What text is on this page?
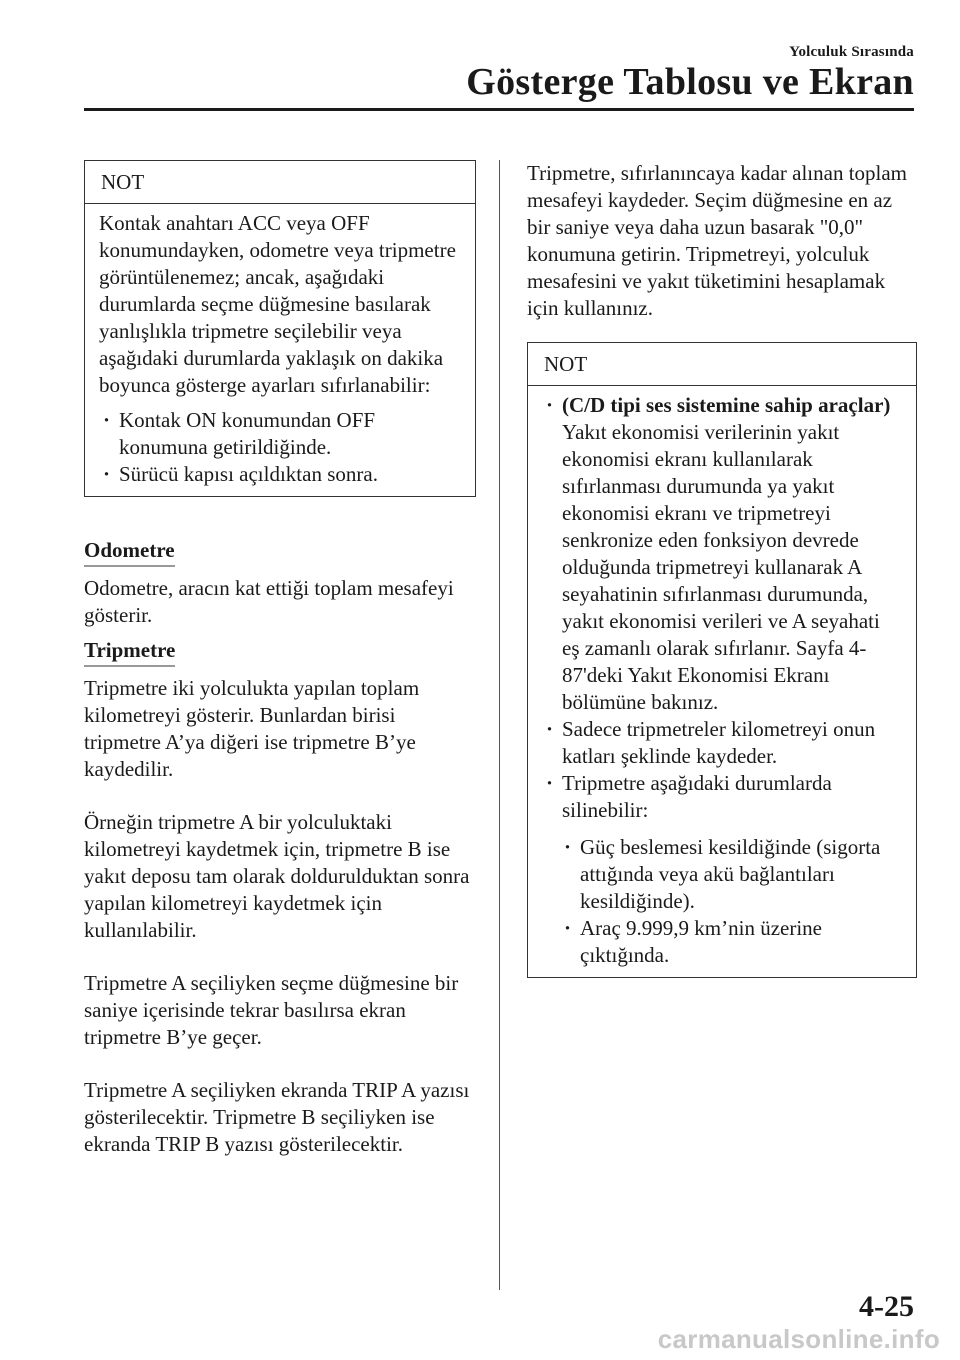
Yolculuk Sırasında
Gösterge Tablosu ve Ekran
NOT

Kontak anahtarı ACC veya OFF konumundayken, odometre veya tripmetre görüntülenemez; ancak, aşağıdaki durumlarda seçme düğmesine basılarak yanlışlıkla tripmetre seçilebilir veya aşağıdaki durumlarda yaklaşık on dakika boyunca gösterge ayarları sıfırlanabilir:

· Kontak ON konumundan OFF konumuna getirildiğinde.
· Sürücü kapısı açıldıktan sonra.
Odometre

Odometre, aracın kat ettiği toplam mesafeyi gösterir.

Tripmetre

Tripmetre iki yolculukta yapılan toplam kilometreyi gösterir. Bunlardan birisi tripmetre A’ya diğeri ise tripmetre B’ye kaydedilir.

Örneğin tripmetre A bir yolculuktaki kilometreyi kaydetmek için, tripmetre B ise yakıt deposu tam olarak doldurulduktan sonra yapılan kilometreyi kaydetmek için kullanılabilir.

Tripmetre A seçiliyken seçme düğmesine bir saniye içerisinde tekrar basılırsa ekran tripmetre B’ye geçer.

Tripmetre A seçiliyken ekranda TRIP A yazısı gösterilecektir. Tripmetre B seçiliyken ise ekranda TRIP B yazısı gösterilecektir.

Tripmetre, sıfırlanıncaya kadar alınan toplam mesafeyi kaydeder. Seçim düğmesine en az bir saniye veya daha uzun basarak "0,0" konumuna getirin. Tripmetreyi, yolculuk mesafesini ve yakıt tüketimini hesaplamak için kullanınız.

NOT
· (C/D tipi ses sistemine sahip araçlar)
Yakıt ekonomisi verilerinin yakıt ekonomisi ekranı kullanılarak sıfırlanması durumunda ya yakıt ekonomisi ekranı ve tripmetreyi senkronize eden fonksiyon devrede olduğunda tripmetreyi kullanarak A seyahatinin sıfırlanması durumunda, yakıt ekonomisi verileri ve A seyahati eş zamanlı olarak sıfırlanır. Sayfa 4-87'deki Yakıt Ekonomisi Ekranı bölümüne bakınız.
· Sadece tripmetreler kilometreyi onun katları şeklinde kaydeder.
· Tripmetre aşağıdaki durumlarda silinebilir:
· Güç beslemesi kesildiğinde (sigorta attığında veya akü bağlantıları kesildiğinde).
· Araç 9.999,9 km’nin üzerine çıktığında.
4-25
carmanualsonline.info
